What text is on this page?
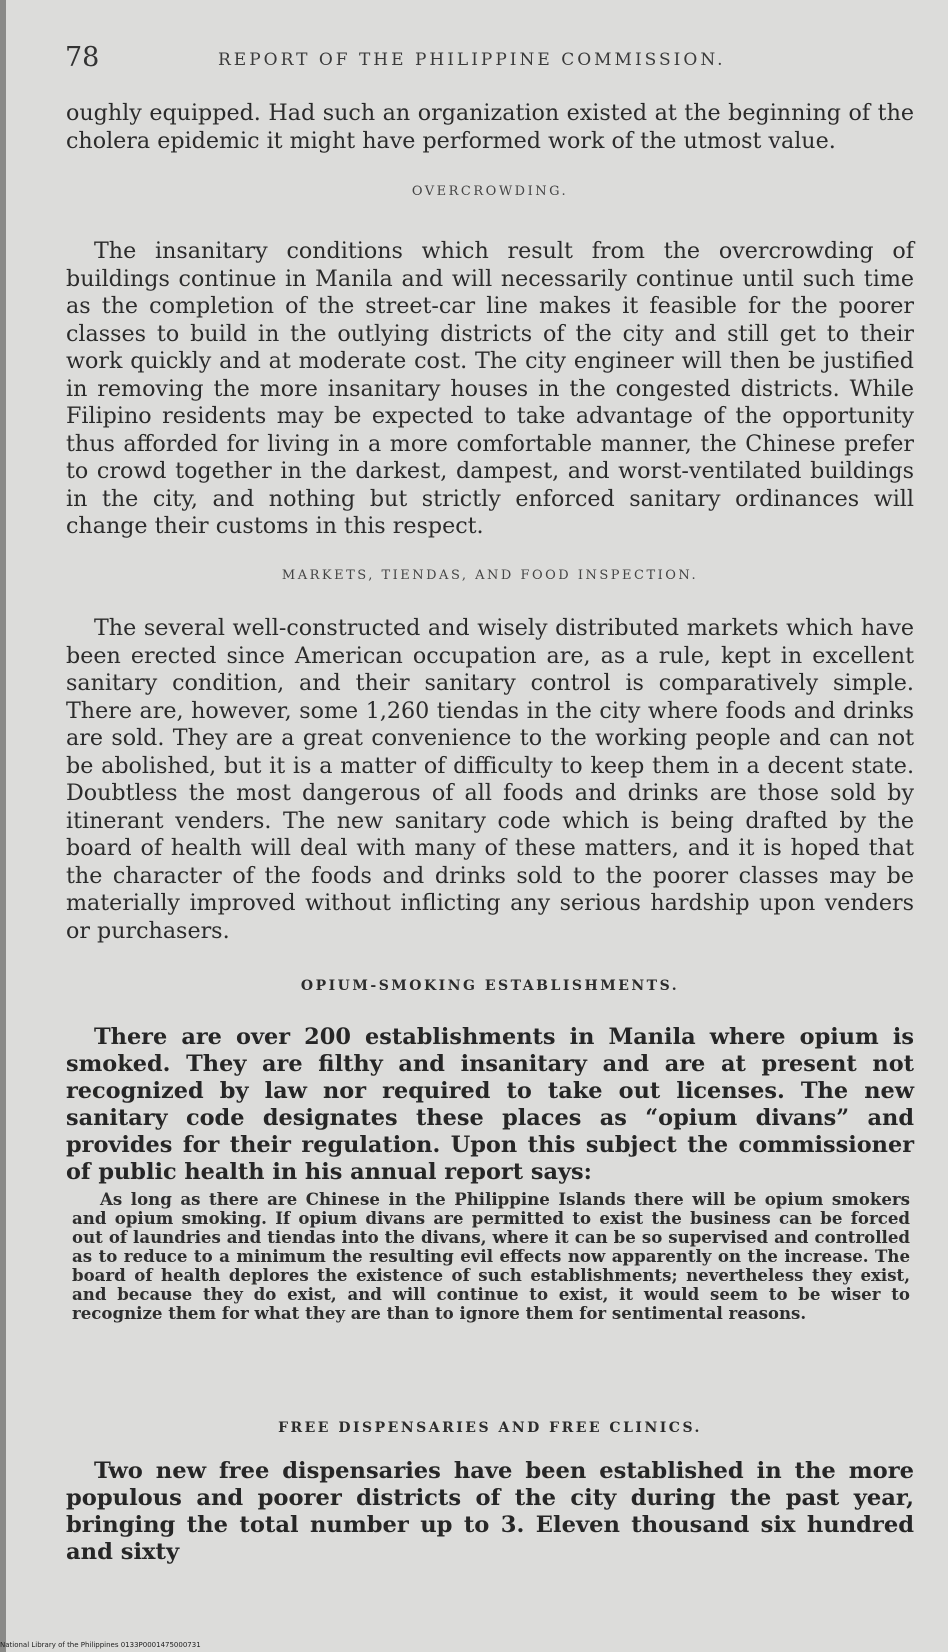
78	REPORT OF THE PHILIPPINE COMMISSION.

oughly equipped. Had such an organization existed at the beginning of the cholera epidemic it might have performed work of the utmost value.

OVERCROWDING.

The insanitary conditions which result from the overcrowding of buildings continue in Manila and will necessarily continue until such time as the completion of the street-car line makes it feasible for the poorer classes to build in the outlying districts of the city and still get to their work quickly and at moderate cost. The city engineer will then be justified in removing the more insanitary houses in the congested districts. While Filipino residents may be expected to take advantage of the opportunity thus afforded for living in a more comfortable manner, the Chinese prefer to crowd together in the darkest, dampest, and worst-ventilated buildings in the city, and nothing but strictly enforced sanitary ordinances will change their customs in this respect.

MARKETS, TIENDAS, AND FOOD INSPECTION.

The several well-constructed and wisely distributed markets which have been erected since American occupation are, as a rule, kept in excellent sanitary condition, and their sanitary control is comparatively simple. There are, however, some 1,260 tiendas in the city where foods and drinks are sold. They are a great convenience to the working people and can not be abolished, but it is a matter of difficulty to keep them in a decent state. Doubtless the most dangerous of all foods and drinks are those sold by itinerant venders. The new sanitary code which is being drafted by the board of health will deal with many of these matters, and it is hoped that the character of the foods and drinks sold to the poorer classes may be materially improved without inflicting any serious hardship upon venders or purchasers.

OPIUM-SMOKING ESTABLISHMENTS.

There are over 200 establishments in Manila where opium is smoked. They are filthy and insanitary and are at present not recognized by law nor required to take out licenses. The new sanitary code designates these places as “opium divans” and provides for their regulation. Upon this subject the commissioner of public health in his annual report says:

As long as there are Chinese in the Philippine Islands there will be opium smokers and opium smoking. If opium divans are permitted to exist the business can be forced out of laundries and tiendas into the divans, where it can be so supervised and controlled as to reduce to a minimum the resulting evil effects now apparently on the increase. The board of health deplores the existence of such establishments; nevertheless they exist, and because they do exist, and will continue to exist, it would seem to be wiser to recognize them for what they are than to ignore them for sentimental reasons.

FREE DISPENSARIES AND FREE CLINICS.

Two new free dispensaries have been established in the more populous and poorer districts of the city during the past year, bringing the total number up to 3. Eleven thousand six hundred and sixty

National Library of the Philippines 0133P0001475000731
